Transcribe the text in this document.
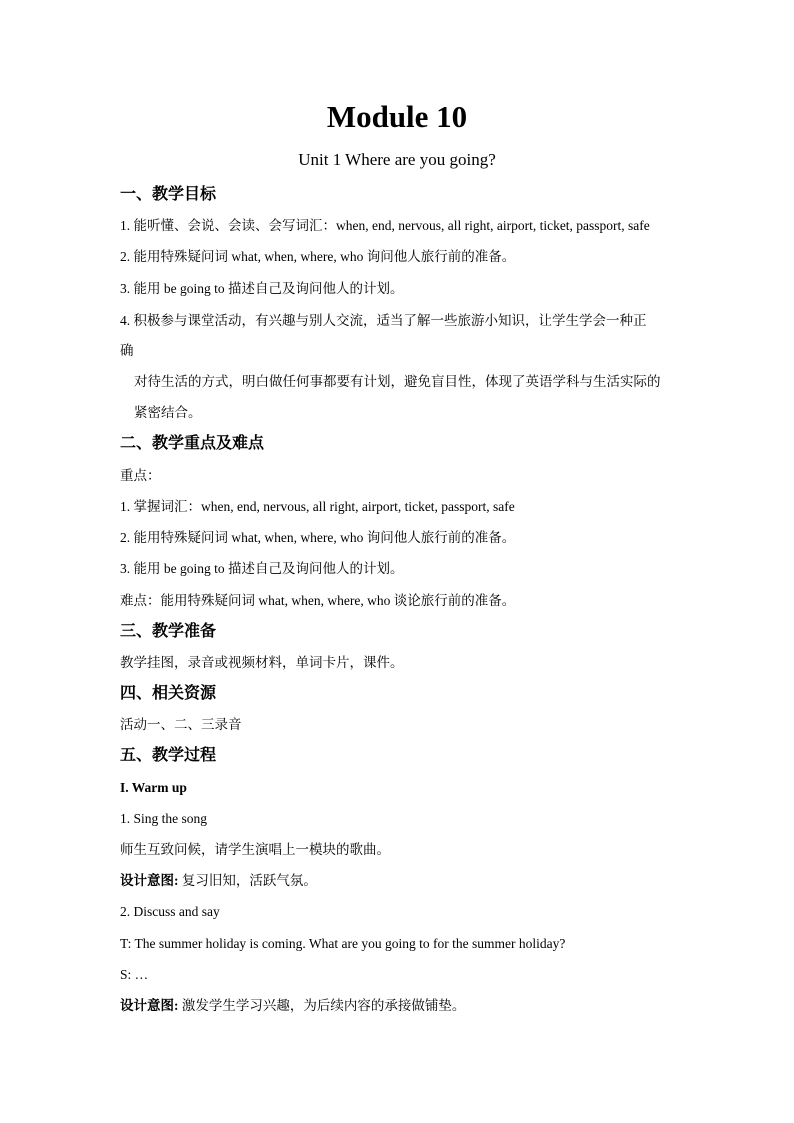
Module 10
Unit 1 Where are you going?
一、教学目标
1. 能听懂、会说、会读、会写词汇：when, end, nervous, all right, airport, ticket, passport, safe
2. 能用特殊疑问词 what, when, where, who 询问他人旅行前的准备。
3. 能用 be going to 描述自己及询问他人的计划。
4. 积极参与课堂活动，有兴趣与别人交流，适当了解一些旅游小知识，让学生学会一种正
确
对待生活的方式，明白做任何事都要有计划，避免盲目性，体现了英语学科与生活实际的
紧密结合。
二、教学重点及难点
重点：
1. 掌握词汇：when, end, nervous, all right, airport, ticket, passport, safe
2. 能用特殊疑问词 what, when, where, who 询问他人旅行前的准备。
3. 能用 be going to 描述自己及询问他人的计划。
难点：能用特殊疑问词 what, when, where, who 谈论旅行前的准备。
三、教学准备
教学挂图，录音或视频材料，单词卡片，课件。
四、相关资源
活动一、二、三录音
五、教学过程
I. Warm up
1. Sing the song
师生互致问候，请学生演唱上一模块的歌曲。
设计意图: 复习旧知，活跃气氛。
2. Discuss and say
T: The summer holiday is coming. What are you going to for the summer holiday?
S: …
设计意图: 激发学生学习兴趣，为后续内容的承接做铺垫。
